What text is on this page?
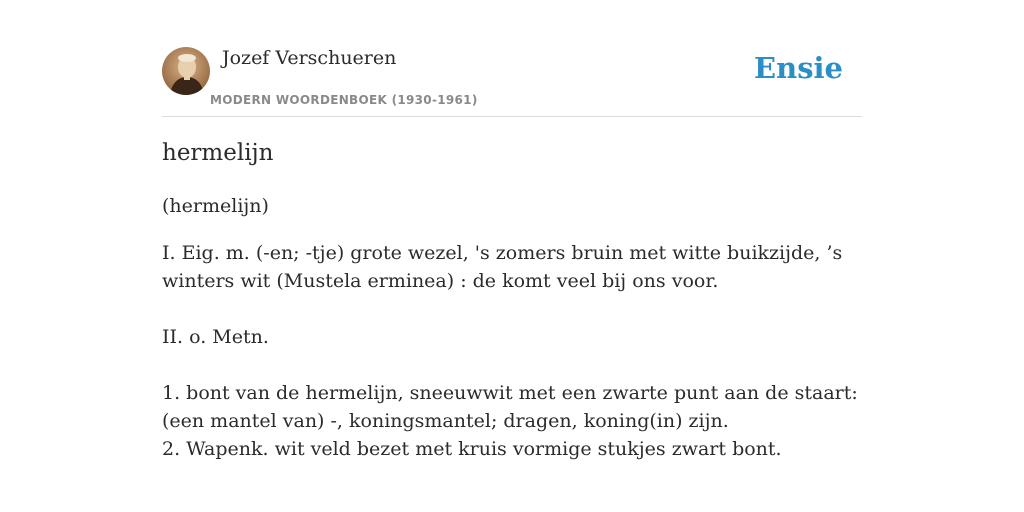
Jozef Verschueren
MODERN WOORDENBOEK (1930-1961)
Ensie
hermelijn

(hermelijn)

I. Eig. m. (-en; -tje) grote wezel, 's zomers bruin met witte buikzijde, ’s winters wit (Mustela erminea) : de komt veel bij ons voor.

II. o. Metn.

1. bont van de hermelijn, sneeuwwit met een zwarte punt aan de staart: (een mantel van) -, koningsmantel; dragen, koning(in) zijn.

2. Wapenk. wit veld bezet met kruis vormige stukjes zwart bont.
